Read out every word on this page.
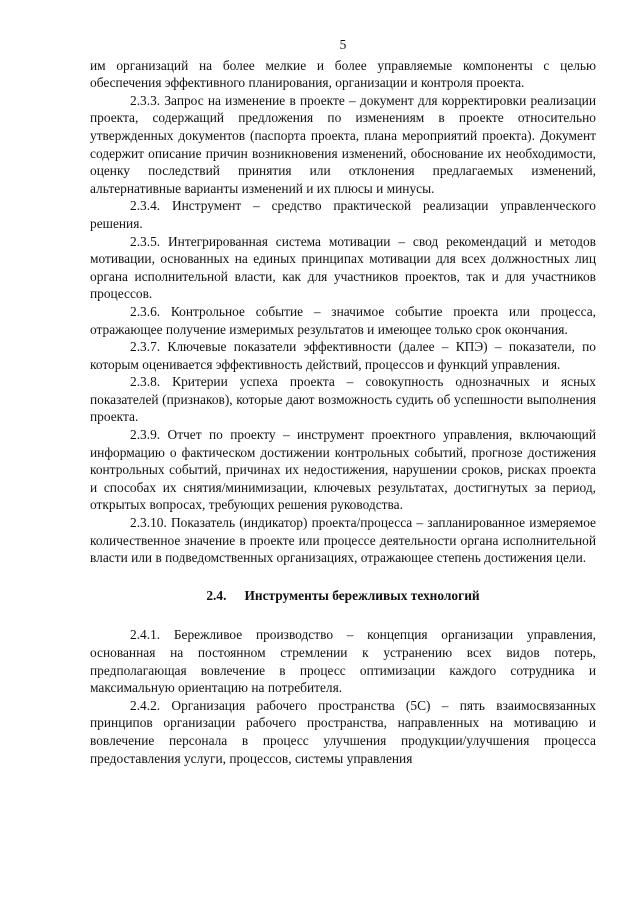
5

им организаций на более мелкие и более управляемые компоненты с целью обеспечения эффективного планирования, организации и контроля проекта.

2.3.3. Запрос на изменение в проекте – документ для корректировки реализации проекта, содержащий предложения по изменениям в проекте относительно утвержденных документов (паспорта проекта, плана мероприятий проекта). Документ содержит описание причин возникновения изменений, обоснование их необходимости, оценку последствий принятия или отклонения предлагаемых изменений, альтернативные варианты изменений и их плюсы и минусы.

2.3.4. Инструмент – средство практической реализации управленческого решения.

2.3.5. Интегрированная система мотивации – свод рекомендаций и методов мотивации, основанных на единых принципах мотивации для всех должностных лиц органа исполнительной власти, как для участников проектов, так и для участников процессов.

2.3.6. Контрольное событие – значимое событие проекта или процесса, отражающее получение измеримых результатов и имеющее только срок окончания.

2.3.7. Ключевые показатели эффективности (далее – КПЭ) – показатели, по которым оценивается эффективность действий, процессов и функций управления.

2.3.8. Критерии успеха проекта – совокупность однозначных и ясных показателей (признаков), которые дают возможность судить об успешности выполнения проекта.

2.3.9. Отчет по проекту – инструмент проектного управления, включающий информацию о фактическом достижении контрольных событий, прогнозе достижения контрольных событий, причинах их недостижения, нарушении сроков, рисках проекта и способах их снятия/минимизации, ключевых результатах, достигнутых за период, открытых вопросах, требующих решения руководства.

2.3.10. Показатель (индикатор) проекта/процесса – запланированное измеряемое количественное значение в проекте или процессе деятельности органа исполнительной власти или в подведомственных организациях, отражающее степень достижения цели.

2.4. Инструменты бережливых технологий

2.4.1. Бережливое производство – концепция организации управления, основанная на постоянном стремлении к устранению всех видов потерь, предполагающая вовлечение в процесс оптимизации каждого сотрудника и максимальную ориентацию на потребителя.

2.4.2. Организация рабочего пространства (5С) – пять взаимосвязанных принципов организации рабочего пространства, направленных на мотивацию и вовлечение персонала в процесс улучшения продукции/улучшения процесса предоставления услуги, процессов, системы управления
